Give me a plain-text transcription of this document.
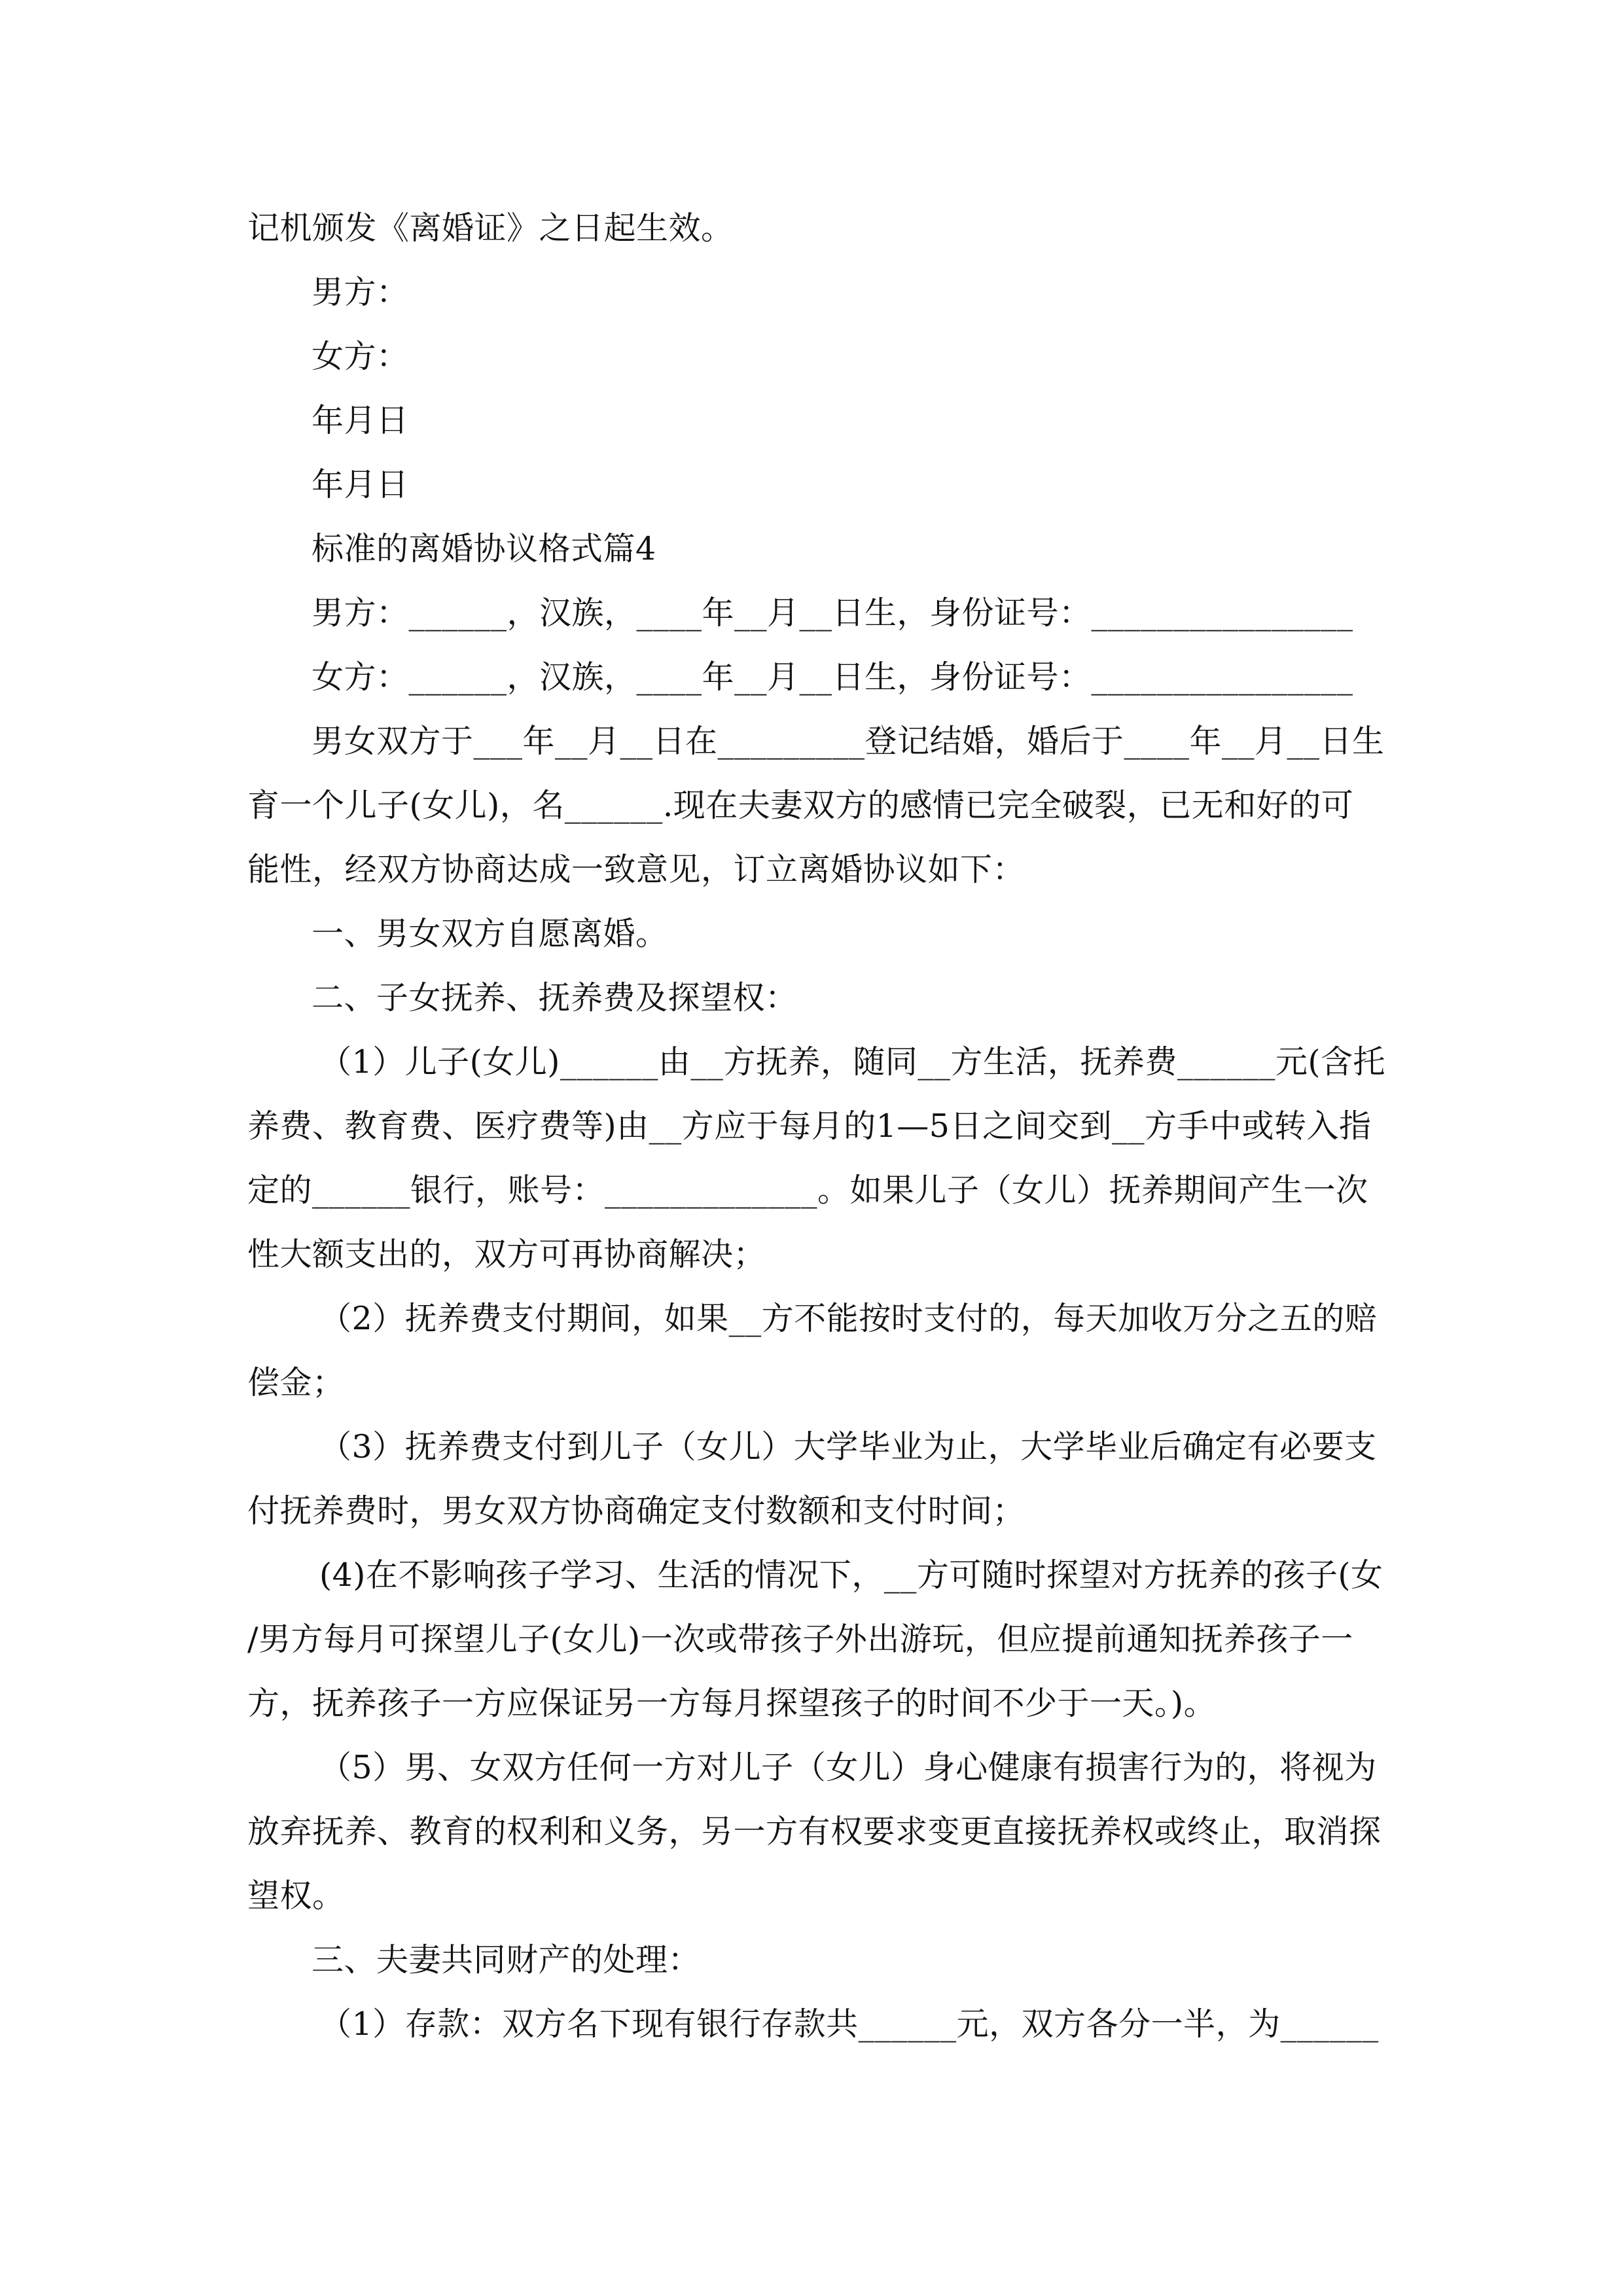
记机颁发《离婚证》之日起生效。
男方：
女方：
年月日
年月日
标准的离婚协议格式篇4
男方：______，汉族，____年__月__日生，身份证号：________________
女方：______，汉族，____年__月__日生，身份证号：________________
男女双方于___年__月__日在_________登记结婚，婚后于____年__月__日生
育一个儿子(女儿)，名______.现在夫妻双方的感情已完全破裂，已无和好的可
能性，经双方协商达成一致意见，订立离婚协议如下：
一、男女双方自愿离婚。
二、子女抚养、抚养费及探望权：
（1）儿子(女儿)______由__方抚养，随同__方生活，抚养费______元(含托
养费、教育费、医疗费等)由__方应于每月的1—5日之间交到__方手中或转入指
定的______银行，账号：_____________。如果儿子（女儿）抚养期间产生一次
性大额支出的，双方可再协商解决；
（2）抚养费支付期间，如果__方不能按时支付的，每天加收万分之五的赔
偿金；
（3）抚养费支付到儿子（女儿）大学毕业为止，大学毕业后确定有必要支
付抚养费时，男女双方协商确定支付数额和支付时间；
(4)在不影响孩子学习、生活的情况下，__方可随时探望对方抚养的孩子(女
/男方每月可探望儿子(女儿)一次或带孩子外出游玩，但应提前通知抚养孩子一
方，抚养孩子一方应保证另一方每月探望孩子的时间不少于一天。)。
（5）男、女双方任何一方对儿子（女儿）身心健康有损害行为的，将视为
放弃抚养、教育的权利和义务，另一方有权要求变更直接抚养权或终止，取消探
望权。
三、夫妻共同财产的处理：
（1）存款：双方名下现有银行存款共______元，双方各分一半，为______
